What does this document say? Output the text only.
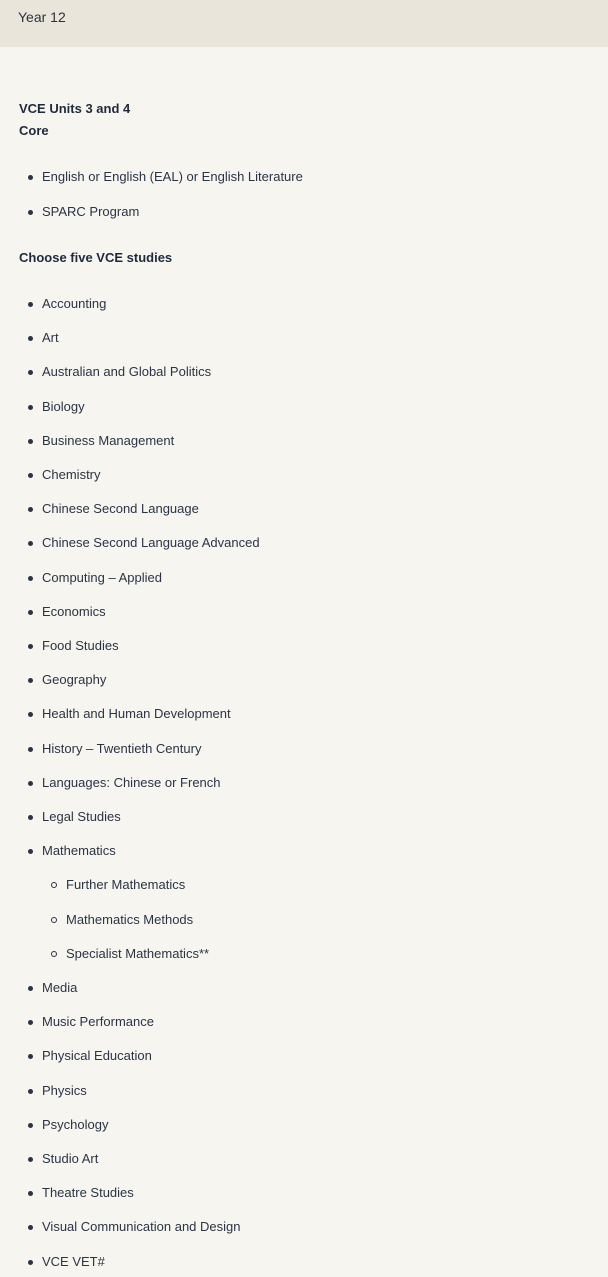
Year 12
VCE Units 3 and 4
Core
Choose five VCE studies
English or English (EAL) or English Literature
SPARC Program
Accounting
Art
Australian and Global Politics
Biology
Business Management
Chemistry
Chinese Second Language
Chinese Second Language Advanced
Computing – Applied
Economics
Food Studies
Geography
Health and Human Development
History – Twentieth Century
Languages: Chinese or French
Legal Studies
Mathematics
Further Mathematics
Mathematics Methods
Specialist Mathematics**
Media
Music Performance
Physical Education
Physics
Psychology
Studio Art
Theatre Studies
Visual Communication and Design
VCE VET#
